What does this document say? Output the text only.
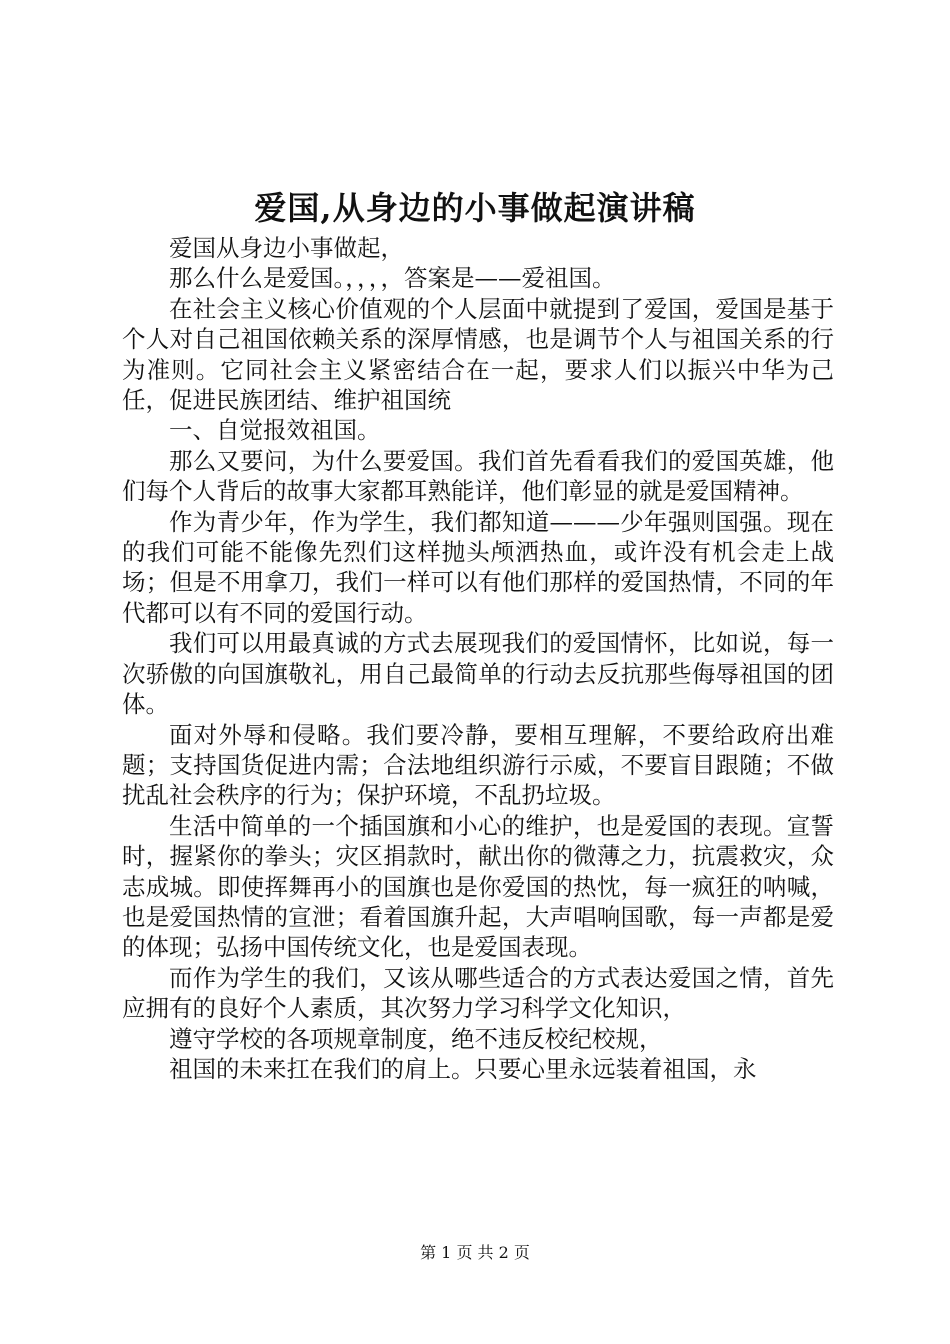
爱国,从身边的小事做起演讲稿

爱国从身边小事做起，

那么什么是爱国。，，，，答案是——爱祖国。

在社会主义核心价值观的个人层面中就提到了爱国，爱国是基于个人对自己祖国依赖关系的深厚情感，也是调节个人与祖国关系的行为准则。它同社会主义紧密结合在一起，要求人们以振兴中华为己任，促进民族团结、维护祖国统

一、自觉报效祖国。

那么又要问，为什么要爱国。我们首先看看我们的爱国英雄，他们每个人背后的故事大家都耳熟能详，他们彰显的就是爱国精神。

作为青少年，作为学生，我们都知道———少年强则国强。现在的我们可能不能像先烈们这样抛头颅洒热血，或许没有机会走上战场；但是不用拿刀，我们一样可以有他们那样的爱国热情，不同的年代都可以有不同的爱国行动。

我们可以用最真诚的方式去展现我们的爱国情怀，比如说，每一次骄傲的向国旗敬礼，用自己最简单的行动去反抗那些侮辱祖国的团体。

面对外辱和侵略。我们要冷静，要相互理解，不要给政府出难题；支持国货促进内需；合法地组织游行示威，不要盲目跟随；不做扰乱社会秩序的行为；保护环境，不乱扔垃圾。

生活中简单的一个插国旗和小心的维护，也是爱国的表现。宣誓时，握紧你的拳头；灾区捐款时，献出你的微薄之力，抗震救灾，众志成城。即使挥舞再小的国旗也是你爱国的热忱，每一疯狂的呐喊，也是爱国热情的宣泄；看着国旗升起，大声唱响国歌，每一声都是爱的体现；弘扬中国传统文化，也是爱国表现。

而作为学生的我们，又该从哪些适合的方式表达爱国之情，首先应拥有的良好个人素质，其次努力学习科学文化知识，

遵守学校的各项规章制度，绝不违反校纪校规，

祖国的未来扛在我们的肩上。只要心里永远装着祖国，永

第 1 页 共 2 页
